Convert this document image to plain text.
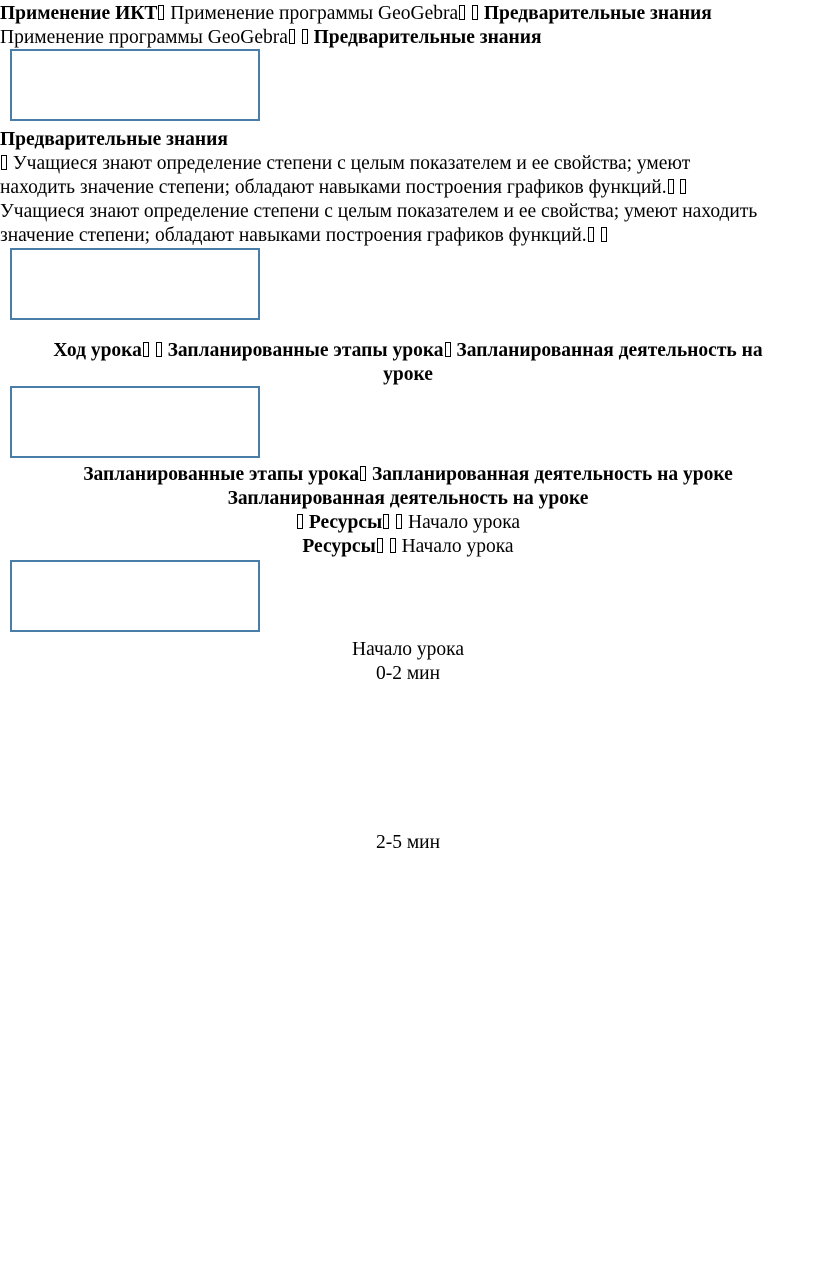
Применение ИКТ Применение программы GeoGebra Предварительные знания
Применение программы GeoGebra Предварительные знания
Предварительные знания
Учащиеся знают определение степени с целым показателем и ее свойства; умеют
находить значение степени; обладают навыками построения графиков функций.
Учащиеся знают определение степени с целым показателем и ее свойства; умеют находить
значение степени; обладают навыками построения графиков функций.
Ход урока Запланированные этапы урока Запланированная деятельность на
уроке
Запланированные этапы урока Запланированная деятельность на уроке
Запланированная деятельность на уроке
Ресурсы Начало урока
Ресурсы Начало урока
Начало урока
0-2 мин
2-5 мин
